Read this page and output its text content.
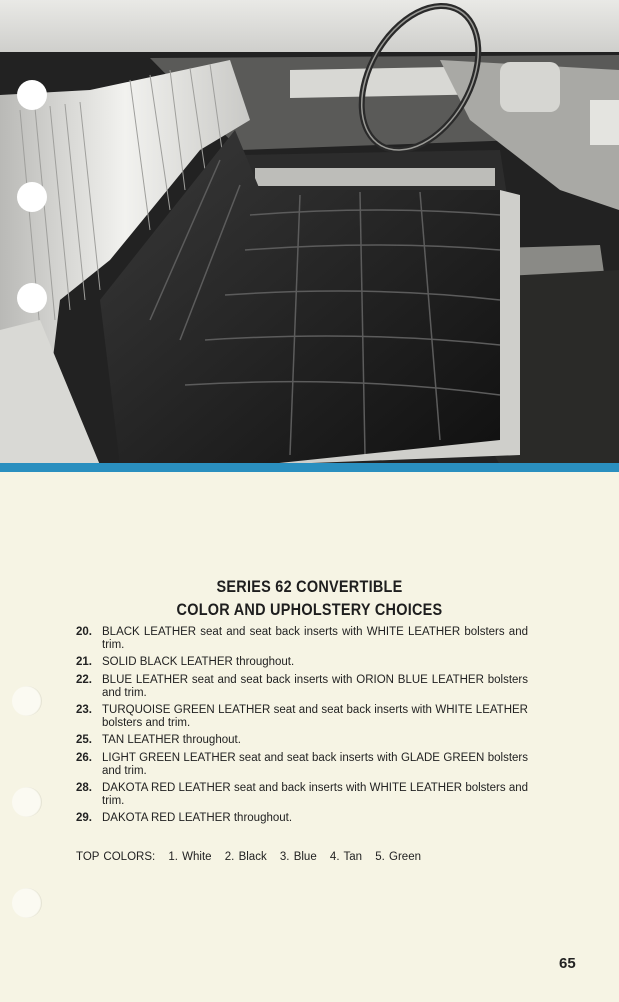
SERIES 62 CONVERTIBLE
COLOR AND UPHOLSTERY CHOICES
20. BLACK LEATHER seat and seat back inserts with WHITE LEATHER bolsters and trim.
21. SOLID BLACK LEATHER throughout.
22. BLUE LEATHER seat and seat back inserts with ORION BLUE LEATHER bolsters and trim.
23. TURQUOISE GREEN LEATHER seat and seat back inserts with WHITE LEATHER bolsters and trim.
25. TAN LEATHER throughout.
26. LIGHT GREEN LEATHER seat and seat back inserts with GLADE GREEN bolsters and trim.
28. DAKOTA RED LEATHER seat and back inserts with WHITE LEATHER bolsters and trim.
29. DAKOTA RED LEATHER throughout.
TOP COLORS: 1. White 2. Black 3. Blue 4. Tan 5. Green
65
